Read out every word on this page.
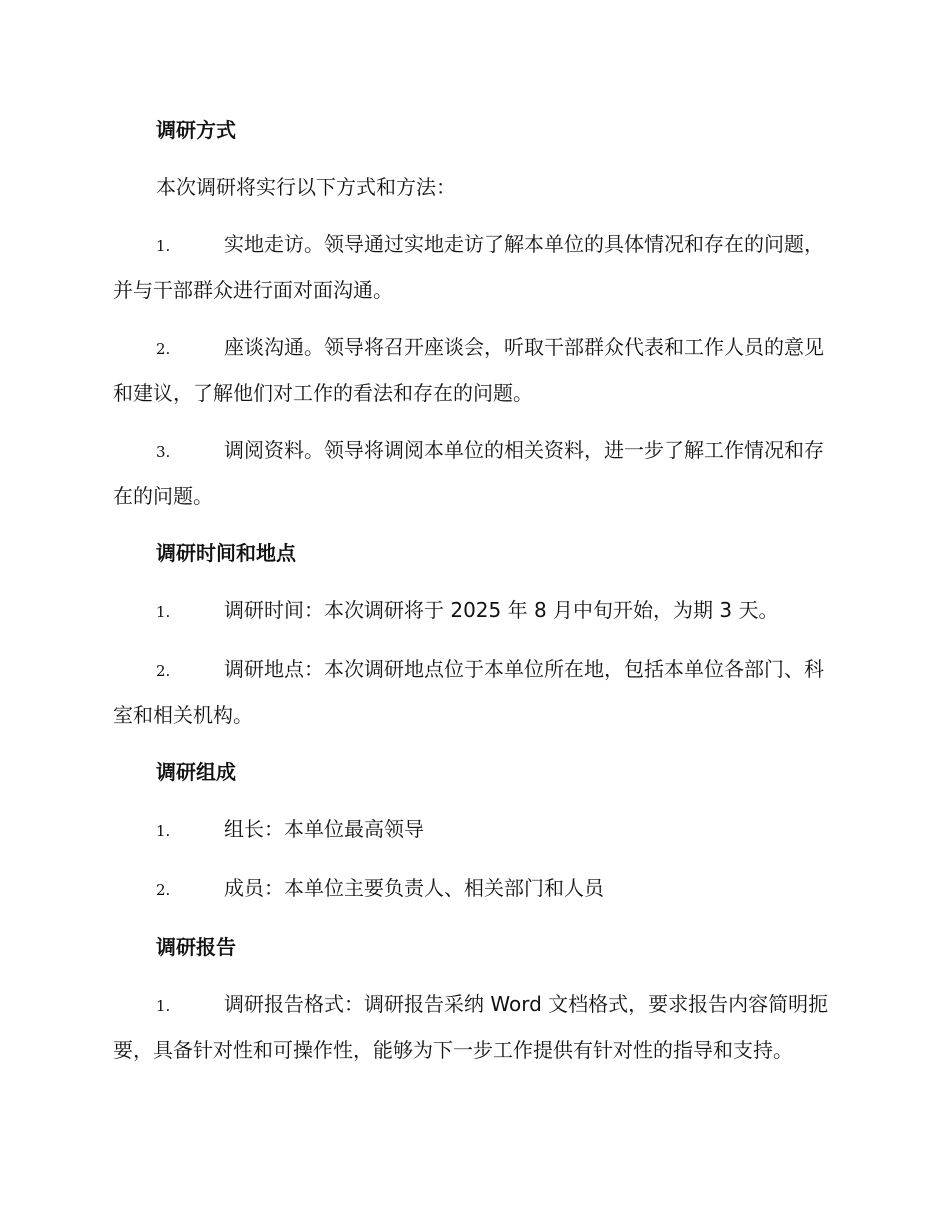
调研方式
本次调研将实行以下方式和方法：
1.	实地走访。领导通过实地走访了解本单位的具体情况和存在的问题，并与干部群众进行面对面沟通。
2.	座谈沟通。领导将召开座谈会，听取干部群众代表和工作人员的意见和建议，了解他们对工作的看法和存在的问题。
3.	调阅资料。领导将调阅本单位的相关资料，进一步了解工作情况和存在的问题。
调研时间和地点
1.	调研时间：本次调研将于 2025 年 8 月中旬开始，为期 3 天。
2.	调研地点：本次调研地点位于本单位所在地，包括本单位各部门、科室和相关机构。
调研组成
1.	组长：本单位最高领导
2.	成员：本单位主要负责人、相关部门和人员
调研报告
1.	调研报告格式：调研报告采纳 Word 文档格式，要求报告内容简明扼要，具备针对性和可操作性，能够为下一步工作提供有针对性的指导和支持。
